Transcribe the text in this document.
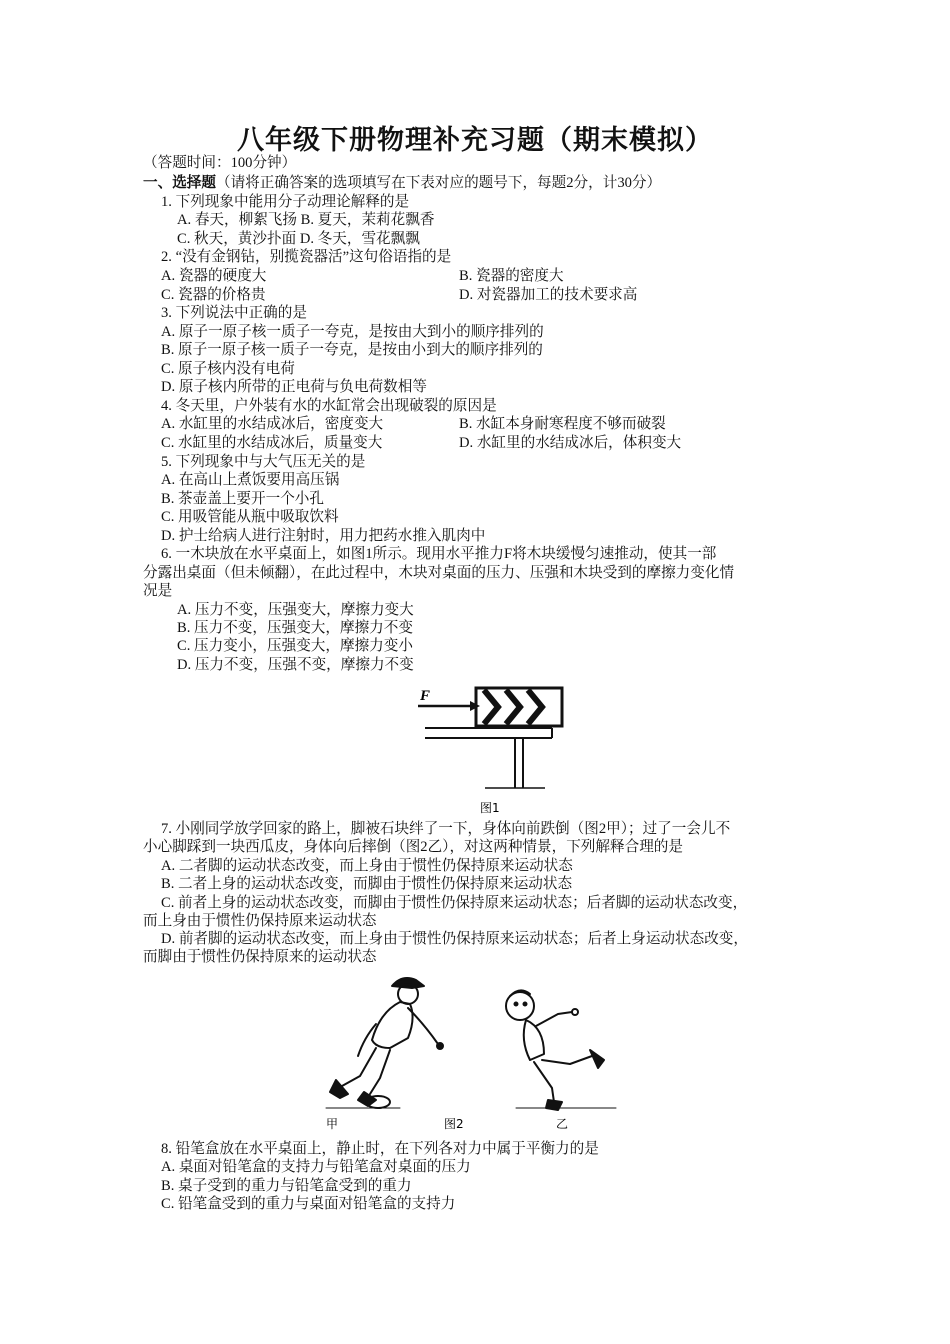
八年级下册物理补充习题（期末模拟）
（答题时间：100分钟）
一、选择题（请将正确答案的选项填写在下表对应的题号下，每题2分，计30分）
1. 下列现象中能用分子动理论解释的是
A. 春天，柳絮飞扬 B. 夏天，茉莉花飘香
C. 秋天，黄沙扑面 D. 冬天，雪花飘飘
2. “没有金钢钻，别揽瓷器活”这句俗语指的是
A. 瓷器的硬度大	B. 瓷器的密度大
C. 瓷器的价格贵	D. 对瓷器加工的技术要求高
3. 下列说法中正确的是
A. 原子一原子核一质子一夸克，是按由大到小的顺序排列的
B. 原子一原子核一质子一夸克，是按由小到大的顺序排列的
C. 原子核内没有电荷
D. 原子核内所带的正电荷与负电荷数相等
4. 冬天里，户外装有水的水缸常会出现破裂的原因是
A. 水缸里的水结成冰后，密度变大	B. 水缸本身耐寒程度不够而破裂
C. 水缸里的水结成冰后，质量变大	D. 水缸里的水结成冰后，体积变大
5. 下列现象中与大气压无关的是
A. 在高山上煮饭要用高压锅
B. 茶壶盖上要开一个小孔
C. 用吸管能从瓶中吸取饮料
D. 护士给病人进行注射时，用力把药水推入肌肉中
6. 一木块放在水平桌面上，如图1所示。现用水平推力F将木块缓慢匀速推动，使其一部
分露出桌面（但未倾翻），在此过程中，木块对桌面的压力、压强和木块受到的摩擦力变化情
况是
A. 压力不变，压强变大，摩擦力变大
B. 压力不变，压强变大，摩擦力不变
C. 压力变小，压强变大，摩擦力变小
D. 压力不变，压强不变，摩擦力不变
F
图1
7. 小刚同学放学回家的路上，脚被石块绊了一下，身体向前跌倒（图2甲）；过了一会儿不
小心脚踩到一块西瓜皮，身体向后摔倒（图2乙），对这两种情景，下列解释合理的是
A. 二者脚的运动状态改变，而上身由于惯性仍保持原来运动状态
B. 二者上身的运动状态改变，而脚由于惯性仍保持原来运动状态
C. 前者上身的运动状态改变，而脚由于惯性仍保持原来运动状态；后者脚的运动状态改变，
而上身由于惯性仍保持原来运动状态
D. 前者脚的运动状态改变，而上身由于惯性仍保持原来运动状态；后者上身运动状态改变，
而脚由于惯性仍保持原来的运动状态
甲	图2	乙
8. 铅笔盒放在水平桌面上，静止时，在下列各对力中属于平衡力的是
A. 桌面对铅笔盒的支持力与铅笔盒对桌面的压力
B. 桌子受到的重力与铅笔盒受到的重力
C. 铅笔盒受到的重力与桌面对铅笔盒的支持力
